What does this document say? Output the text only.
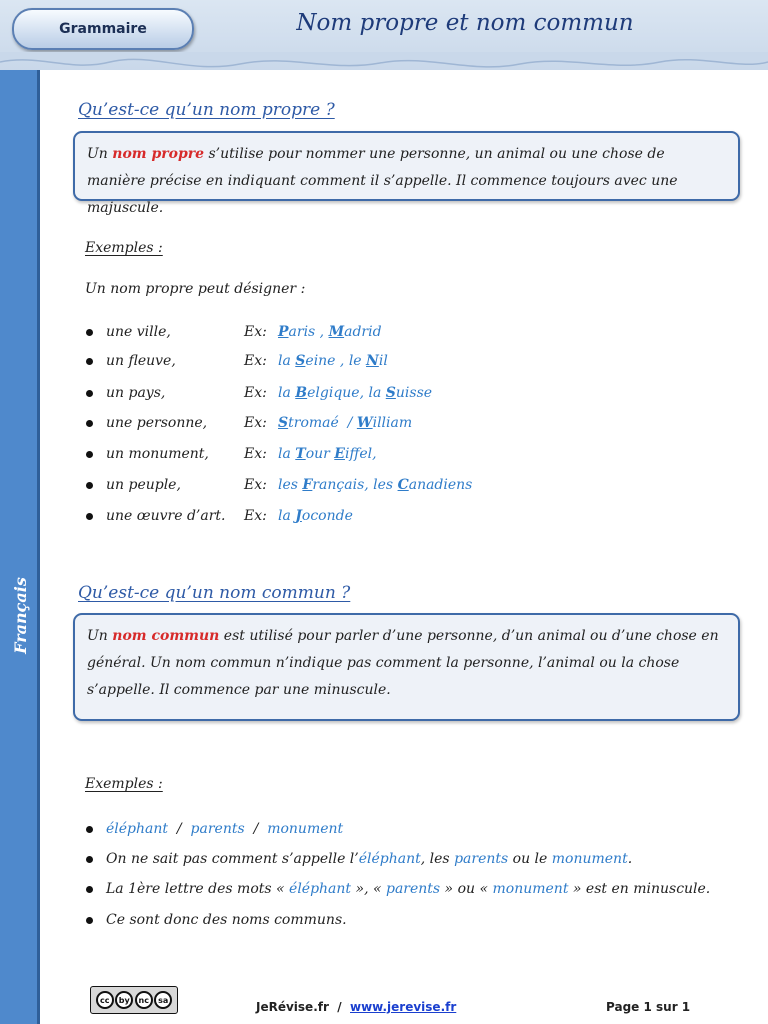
Grammaire	Nom propre et nom commun
Français
Qu’est-ce qu’un nom propre ?
Un nom propre s’utilise pour nommer une personne, un animal ou une chose de manière précise en indiquant comment il s’appelle. Il commence toujours avec une majuscule.
Exemples :
Un nom propre peut désigner :
une ville,	Ex: Paris , Madrid
un fleuve,	Ex: la Seine , le Nil
un pays,	Ex: la Belgique, la Suisse
une personne,	Ex: Stromaé  / William
un monument,	Ex: la Tour Eiffel,
un peuple,	Ex: les Français, les Canadiens
une œuvre d’art.	Ex: la Joconde
Qu’est-ce qu’un nom commun ?
Un nom commun est utilisé pour parler d’une personne, d’un animal ou d’une chose en général. Un nom commun n’indique pas comment la personne, l’animal ou la chose s’appelle. Il commence par une minuscule.
Exemples :
éléphant / parents / monument
On ne sait pas comment s’appelle l’ éléphant , les parents ou le monument .
La 1ère lettre des mots « éléphant », « parents » ou « monument » est en minuscule.
Ce sont donc des noms communs.
cc	by	nc	sa	JeRévise.fr  /  www.jerevise.fr	Page 1 sur 1
